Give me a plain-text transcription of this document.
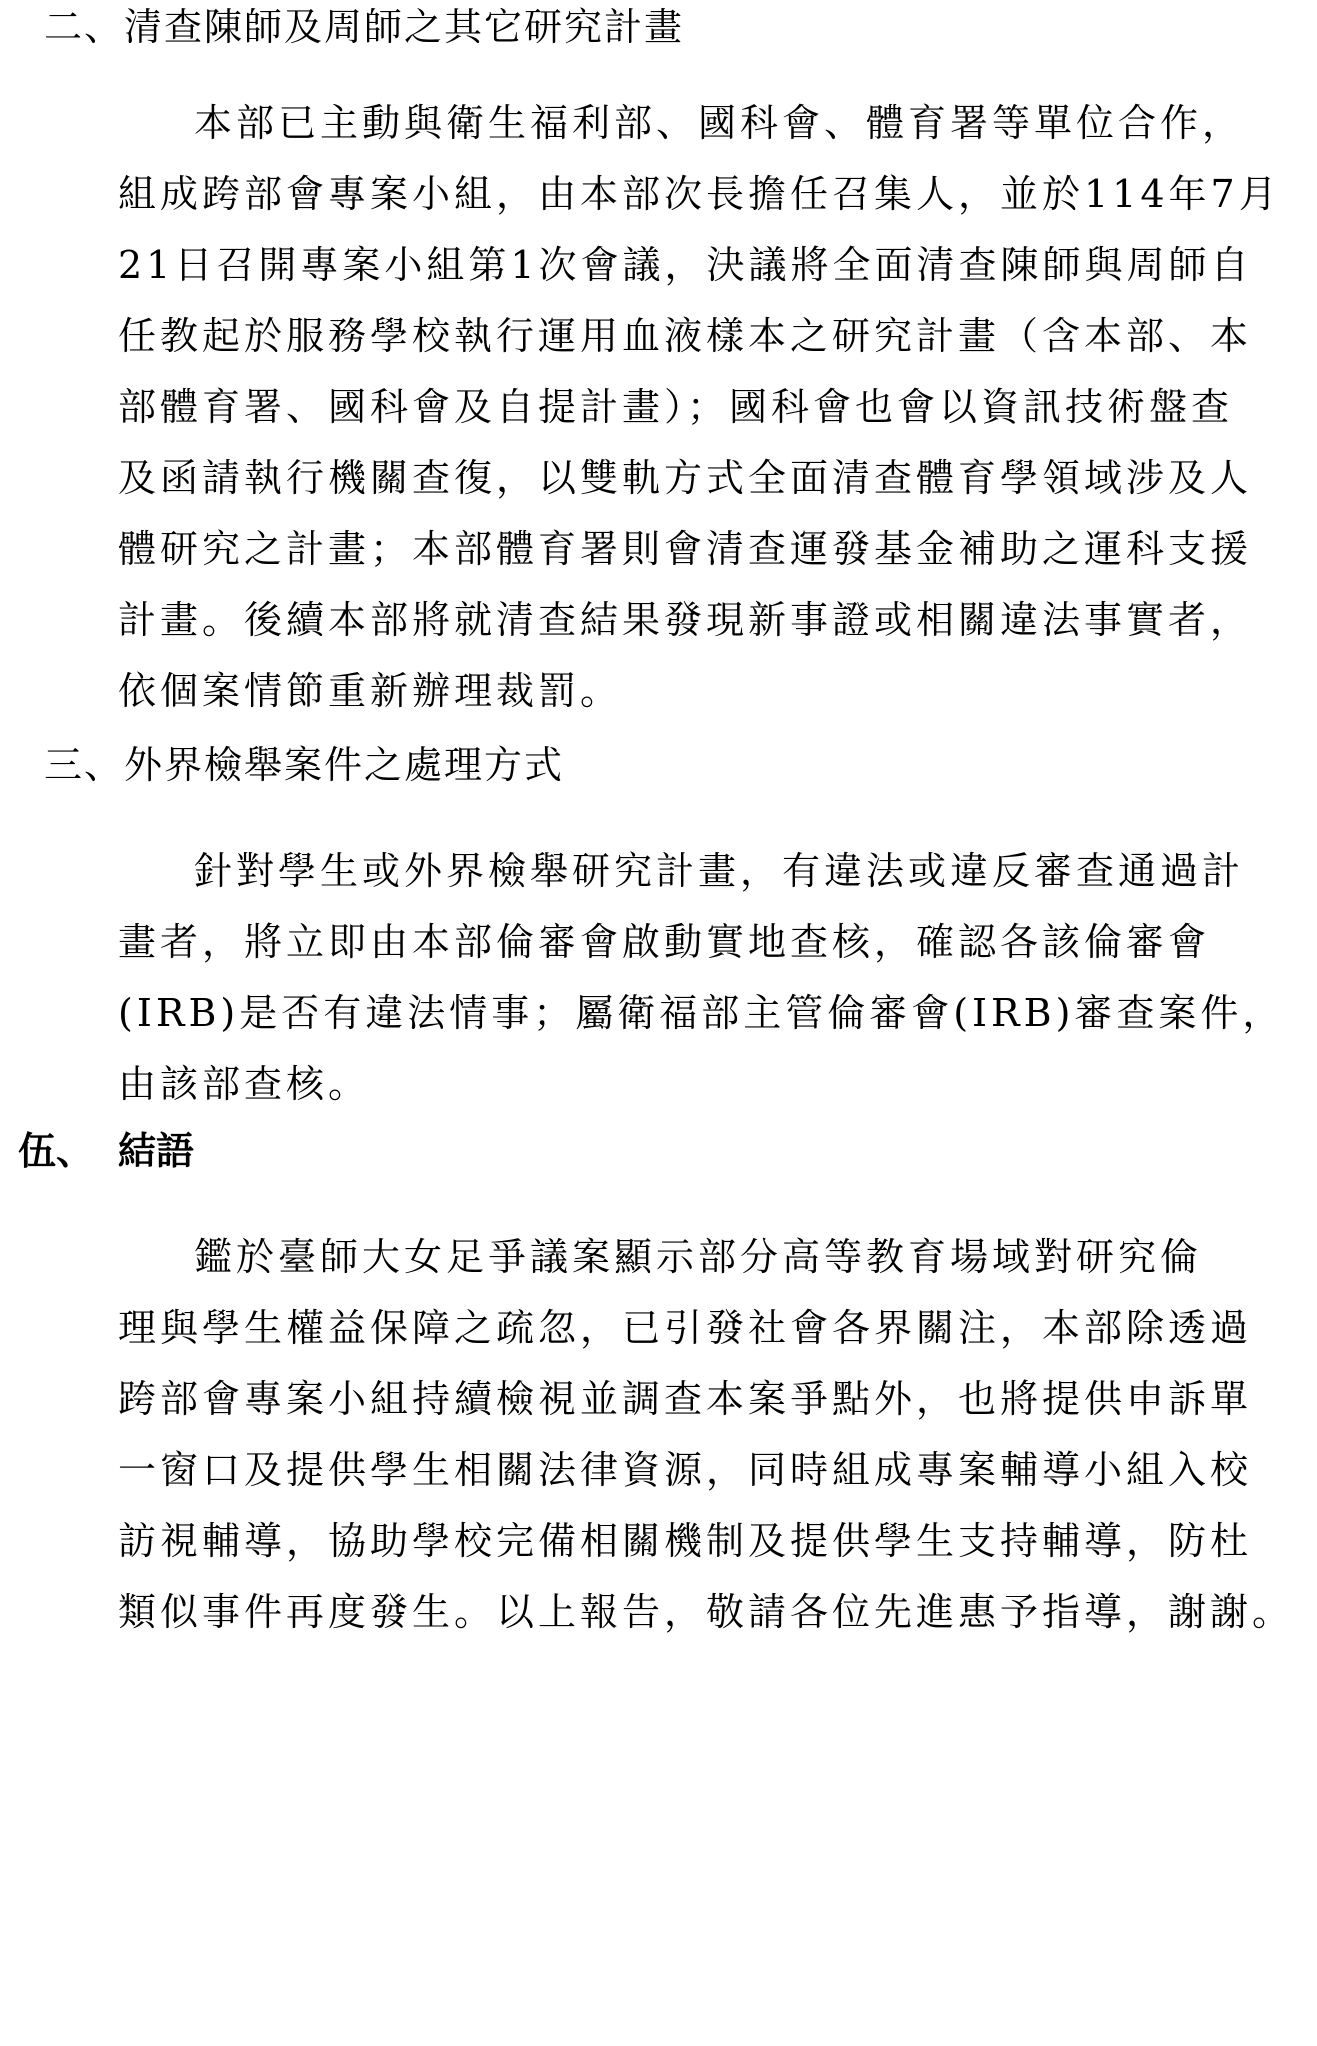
二、清查陳師及周師之其它研究計畫
本部已主動與衛生福利部、國科會、體育署等單位合作，
組成跨部會專案小組，由本部次長擔任召集人，並於114年7月
21日召開專案小組第1次會議，決議將全面清查陳師與周師自
任教起於服務學校執行運用血液樣本之研究計畫（含本部、本
部體育署、國科會及自提計畫）；國科會也會以資訊技術盤查
及函請執行機關查復，以雙軌方式全面清查體育學領域涉及人
體研究之計畫；本部體育署則會清查運發基金補助之運科支援
計畫。後續本部將就清查結果發現新事證或相關違法事實者，
依個案情節重新辦理裁罰。
三、外界檢舉案件之處理方式
針對學生或外界檢舉研究計畫，有違法或違反審查通過計
畫者，將立即由本部倫審會啟動實地查核，確認各該倫審會
(IRB)是否有違法情事；屬衛福部主管倫審會(IRB)審查案件，
由該部查核。
伍、 結語
鑑於臺師大女足爭議案顯示部分高等教育場域對研究倫
理與學生權益保障之疏忽，已引發社會各界關注，本部除透過
跨部會專案小組持續檢視並調查本案爭點外，也將提供申訴單
一窗口及提供學生相關法律資源，同時組成專案輔導小組入校
訪視輔導，協助學校完備相關機制及提供學生支持輔導，防杜
類似事件再度發生。以上報告，敬請各位先進惠予指導，謝謝。
